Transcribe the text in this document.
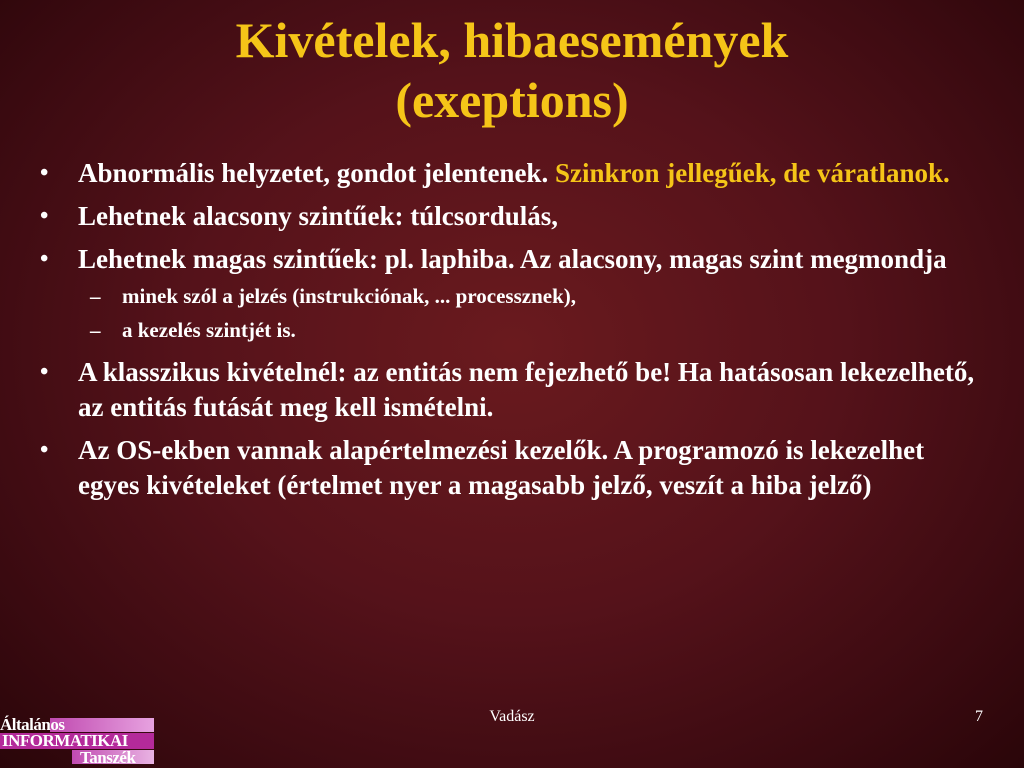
Kivételek, hibaesemények
(exeptions)
• Abnormális helyzetet, gondot jelentenek. Szinkron jellegűek, de váratlanok.
• Lehetnek alacsony szintűek: túlcsordulás,
• Lehetnek magas szintűek: pl. laphiba. Az alacsony, magas szint megmondja
– minek szól a jelzés (instrukciónak, ... processznek),
– a kezelés szintjét is.
• A klasszikus kivételnél: az entitás nem fejezhető be! Ha hatásosan lekezelhető, az entitás futását meg kell ismételni.
• Az OS-ekben vannak alapértelmezési kezelők. A programozó is lekezelhet egyes kivételeket (értelmet nyer a magasabb jelző, veszít a hiba jelző)
Vadász	7
Általános
INFORMATIKAI
Tanszék
